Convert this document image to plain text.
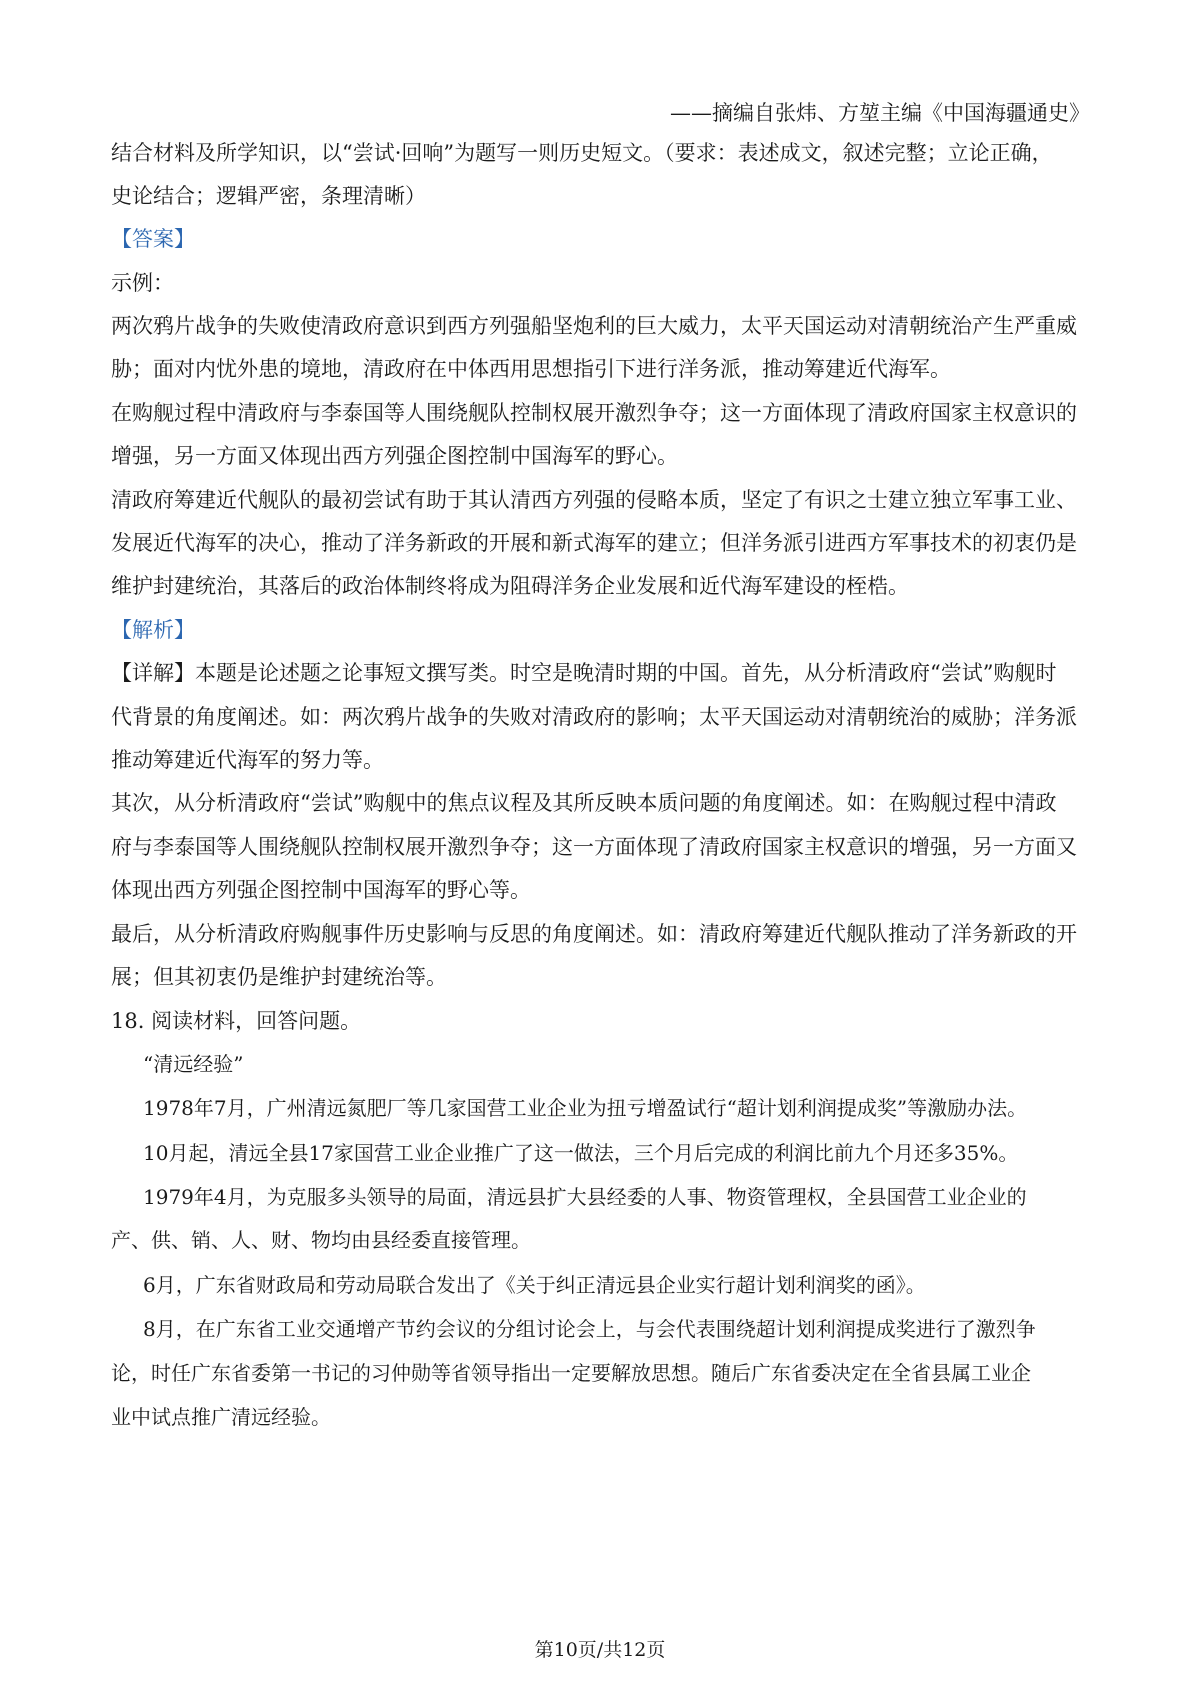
——摘编自张炜、方堃主编《中国海疆通史》
结合材料及所学知识，以“尝试·回响”为题写一则历史短文。（要求：表述成文，叙述完整；立论正确，
史论结合；逻辑严密，条理清晰）
【答案】
示例：
两次鸦片战争的失败使清政府意识到西方列强船坚炮利的巨大威力，太平天国运动对清朝统治产生严重威
胁；面对内忧外患的境地，清政府在中体西用思想指引下进行洋务派，推动筹建近代海军。
在购舰过程中清政府与李泰国等人围绕舰队控制权展开激烈争夺；这一方面体现了清政府国家主权意识的
增强，另一方面又体现出西方列强企图控制中国海军的野心。
清政府筹建近代舰队的最初尝试有助于其认清西方列强的侵略本质，坚定了有识之士建立独立军事工业、
发展近代海军的决心，推动了洋务新政的开展和新式海军的建立；但洋务派引进西方军事技术的初衷仍是
维护封建统治，其落后的政治体制终将成为阻碍洋务企业发展和近代海军建设的桎梏。
【解析】
【详解】本题是论述题之论事短文撰写类。时空是晚清时期的中国。首先，从分析清政府“尝试”购舰时
代背景的角度阐述。如：两次鸦片战争的失败对清政府的影响；太平天国运动对清朝统治的威胁；洋务派
推动筹建近代海军的努力等。
其次，从分析清政府“尝试”购舰中的焦点议程及其所反映本质问题的角度阐述。如：在购舰过程中清政
府与李泰国等人围绕舰队控制权展开激烈争夺；这一方面体现了清政府国家主权意识的增强，另一方面又
体现出西方列强企图控制中国海军的野心等。
最后，从分析清政府购舰事件历史影响与反思的角度阐述。如：清政府筹建近代舰队推动了洋务新政的开
展；但其初衷仍是维护封建统治等。
18. 阅读材料，回答问题。
“清远经验”
1978年7月，广州清远氮肥厂等几家国营工业企业为扭亏增盈试行“超计划利润提成奖”等激励办法。
10月起，清远全县17家国营工业企业推广了这一做法，三个月后完成的利润比前九个月还多35%。
1979年4月，为克服多头领导的局面，清远县扩大县经委的人事、物资管理权，全县国营工业企业的
产、供、销、人、财、物均由县经委直接管理。
6月，广东省财政局和劳动局联合发出了《关于纠正清远县企业实行超计划利润奖的函》。
8月，在广东省工业交通增产节约会议的分组讨论会上，与会代表围绕超计划利润提成奖进行了激烈争
论，时任广东省委第一书记的习仲勋等省领导指出一定要解放思想。随后广东省委决定在全省县属工业企
业中试点推广清远经验。
第10页/共12页
